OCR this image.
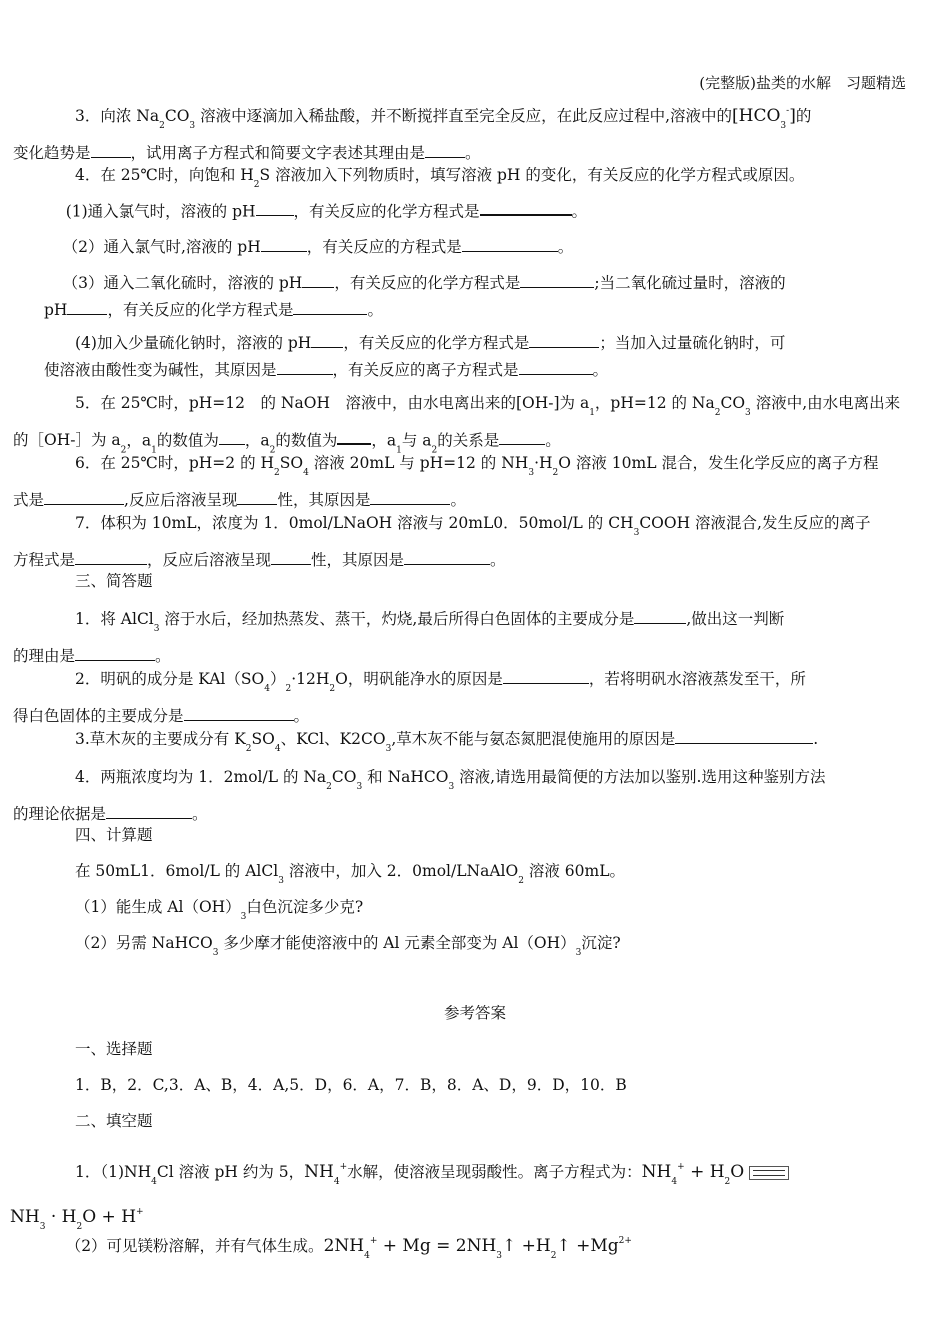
(完整版)盐类的水解　习题精选
3．向浓 $Na_2CO_3$ 溶液中逐滴加入稀盐酸，并不断搅拌直至完全反应，在此反应过程中,溶液中的$[HCO_3^-]$的
变化趋势是	，试用离子方程式和简要文字表述其理由是	。
4．在 25℃时，向饱和 $H_2S$ 溶液加入下列物质时，填写溶液 pH 的变化，有关反应的化学方程式或原因。
(1)通入氯气时，溶液的 pH ，有关反应的化学方程式是	。
（2）通入氯气时,溶液的 pH	，有关反应的方程式是	。
（3）通入二氧化硫时，溶液的 pH ，有关反应的化学方程式是	;当二氧化硫过量时，溶液的
pH	，有关反应的化学方程式是	。
(4)加入少量硫化钠时，溶液的 pH ，有关反应的化学方程式是	；当加入过量硫化钠时，可
使溶液由酸性变为碱性，其原因是	，有关反应的离子方程式是	。
5．在 25℃时，pH=12　的 NaOH　溶液中，由水电离出来的[OH-]为 $a_1$，pH=12 的 $Na_2CO_3$ 溶液中,由水电离出来
的［OH-］为 $a_2$，$a_1$的数值为 ，$a_2$的数值为 ，$a_1$与 $a_2$的关系是	。
6．在 25℃时，pH=2 的 $H_2SO_4$ 溶液 20mL 与 pH=12 的 $NH_3\cdot H_2O$ 溶液 10mL 混合，发生化学反应的离子方程
式是	,反应后溶液呈现	性，其原因是	。
7．体积为 10mL，浓度为 1．0mol/LNaOH 溶液与 20mL0．50mol/L 的 $CH_3COOH$ 溶液混合,发生反应的离子
方程式是	，反应后溶液呈现	性，其原因是	。
三、简答题
1．将 AlCl$_3$ 溶于水后，经加热蒸发、蒸干，灼烧,最后所得白色固体的主要成分是	,做出这一判断
的理由是	。
2．明矾的成分是 $KAl(SO_4)_2\cdot 12H_2O$，明矾能净水的原因是	，若将明矾水溶液蒸发至干，所
得白色固体的主要成分是	。
3.草木灰的主要成分有 $K_2SO_4$、KCl、$K2CO_3$,草木灰不能与氨态氮肥混使施用的原因是	.
4．两瓶浓度均为 1．2mol/L 的 $Na_2CO_3$ 和 NaHCO$_3$ 溶液,请选用最简便的方法加以鉴别.选用这种鉴别方法
的理论依据是	。
四、计算题
在 50mL1．6mol/L 的 AlCl$_3$ 溶液中，加入 2．0mol/LNaAlO$_2$ 溶液 60mL。
（1）能生成 $Al(OH)_3$白色沉淀多少克?
（2）另需 NaHCO$_3$ 多少摩才能使溶液中的 Al 元素全部变为 $Al(OH)_3$沉淀?
参考答案
一、选择题
1．B，2．C,3．A、B，4．A,5．D，6．A，7．B，8．A、D，9．D，10．B
二、填空题
1．$(1)NH_4Cl$ 溶液 pH 约为 5，$NH_4^+$水解，使溶液呈现弱酸性。离子方程式为：$NH_4^+ + H_2O$
$NH_3 \cdot H_2O + H^+$
（2）可见镁粉溶解，并有气体生成。$2NH_4^+ + Mg$ = $2NH_3↑$ $+H_2↑ +Mg^{2+}$
